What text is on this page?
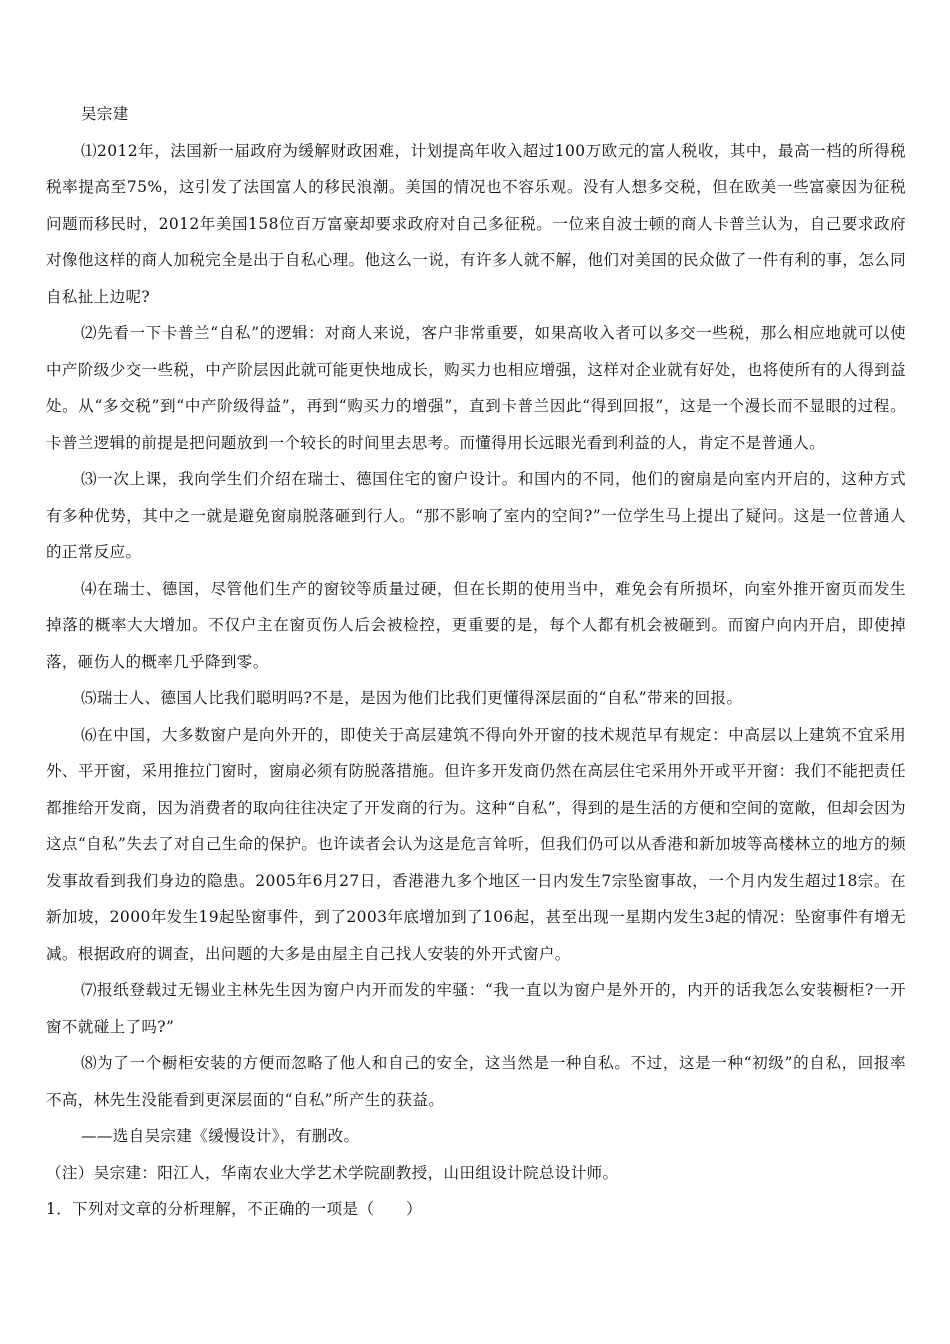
吴宗建

⑴2012年，法国新一届政府为缓解财政困难，计划提高年收入超过100万欧元的富人税收，其中，最高一档的所得税税率提高至75%，这引发了法国富人的移民浪潮。美国的情况也不容乐观。没有人想多交税，但在欧美一些富豪因为征税问题而移民时，2012年美国158位百万富豪却要求政府对自己多征税。一位来自波士顿的商人卡普兰认为，自己要求政府对像他这样的商人加税完全是出于自私心理。他这么一说，有许多人就不解，他们对美国的民众做了一件有利的事，怎么同自私扯上边呢?

⑵先看一下卡普兰“自私”的逻辑：对商人来说，客户非常重要，如果高收入者可以多交一些税，那么相应地就可以使中产阶级少交一些税，中产阶层因此就可能更快地成长，购买力也相应增强，这样对企业就有好处，也将使所有的人得到益处。从“多交税”到“中产阶级得益”，再到“购买力的增强”，直到卡普兰因此“得到回报”，这是一个漫长而不显眼的过程。卡普兰逻辑的前提是把问题放到一个较长的时间里去思考。而懂得用长远眼光看到利益的人，肯定不是普通人。

⑶一次上课，我向学生们介绍在瑞士、德国住宅的窗户设计。和国内的不同，他们的窗扇是向室内开启的，这种方式有多种优势，其中之一就是避免窗扇脱落砸到行人。“那不影响了室内的空间?”一位学生马上提出了疑问。这是一位普通人的正常反应。

⑷在瑞士、德国，尽管他们生产的窗铰等质量过硬，但在长期的使用当中，难免会有所损坏，向室外推开窗页而发生掉落的概率大大增加。不仅户主在窗页伤人后会被检控，更重要的是，每个人都有机会被砸到。而窗户向内开启，即使掉落，砸伤人的概率几乎降到零。

⑸瑞士人、德国人比我们聪明吗?不是，是因为他们比我们更懂得深层面的“自私”带来的回报。

⑹在中国，大多数窗户是向外开的，即使关于高层建筑不得向外开窗的技术规范早有规定：中高层以上建筑不宜采用外、平开窗，采用推拉门窗时，窗扇必须有防脱落措施。但许多开发商仍然在高层住宅采用外开或平开窗：我们不能把责任都推给开发商，因为消费者的取向往往决定了开发商的行为。这种“自私”，得到的是生活的方便和空间的宽敞，但却会因为这点“自私”失去了对自己生命的保护。也许读者会认为这是危言耸听，但我们仍可以从香港和新加坡等高楼林立的地方的频发事故看到我们身边的隐患。2005年6月27日，香港港九多个地区一日内发生7宗坠窗事故，一个月内发生超过18宗。在新加坡，2000年发生19起坠窗事件，到了2003年底增加到了106起，甚至出现一星期内发生3起的情况：坠窗事件有增无减。根据政府的调查，出问题的大多是由屋主自己找人安装的外开式窗户。

⑺报纸登载过无锡业主林先生因为窗户内开而发的牢骚：“我一直以为窗户是外开的，内开的话我怎么安装橱柜?一开窗不就碰上了吗?”

⑻为了一个橱柜安装的方便而忽略了他人和自己的安全，这当然是一种自私。不过，这是一种“初级”的自私，回报率不高，林先生没能看到更深层面的“自私”所产生的获益。

——选自吴宗建《缓慢设计》，有删改。

（注）吴宗建：阳江人，华南农业大学艺术学院副教授，山田组设计院总设计师。

1．下列对文章的分析理解，不正确的一项是（　　）
